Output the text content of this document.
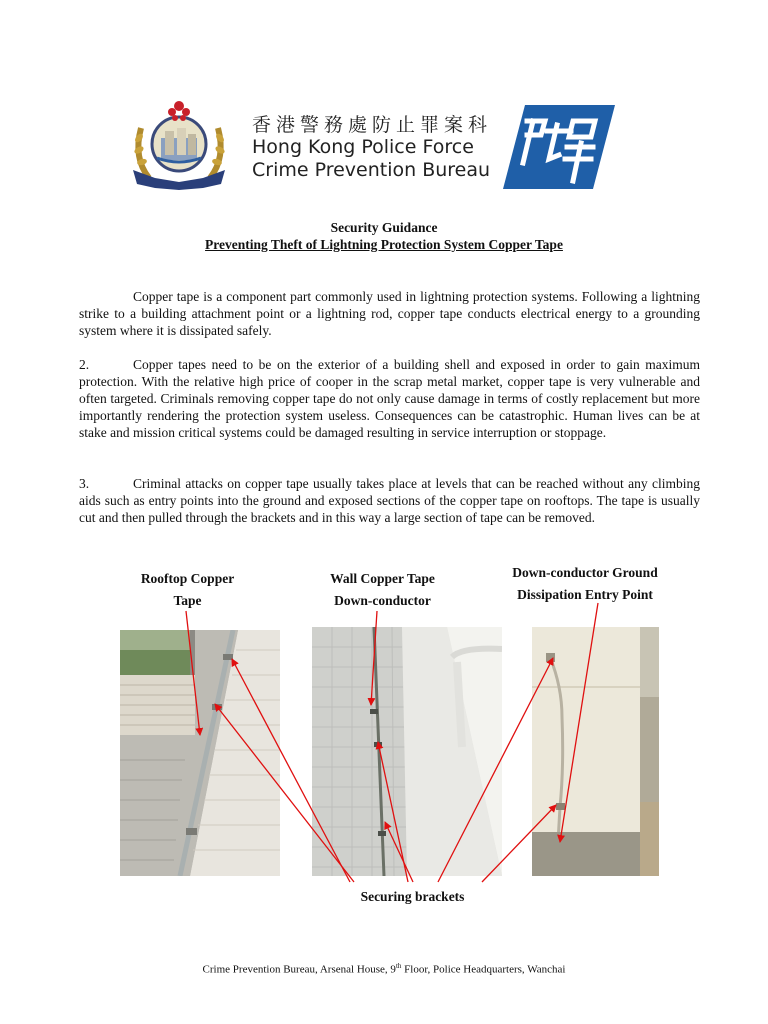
香港警務處防止罪案科
Hong Kong Police Force
Crime Prevention Bureau
Security Guidance
Preventing Theft of Lightning Protection System Copper Tape
Copper tape is a component part commonly used in lightning protection systems. Following a lightning strike to a building attachment point or a lightning rod, copper tape conducts electrical energy to a grounding system where it is dissipated safely.
2.	Copper tapes need to be on the exterior of a building shell and exposed in order to gain maximum protection. With the relative high price of cooper in the scrap metal market, copper tape is very vulnerable and often targeted. Criminals removing copper tape do not only cause damage in terms of costly replacement but more importantly rendering the protection system useless. Consequences can be catastrophic. Human lives can be at stake and mission critical systems could be damaged resulting in service interruption or stoppage.
3.	Criminal attacks on copper tape usually takes place at levels that can be reached without any climbing aids such as entry points into the ground and exposed sections of the copper tape on rooftops. The tape is usually cut and then pulled through the brackets and in this way a large section of tape can be removed.
Rooftop Copper
Tape
Wall Copper Tape
Down-conductor
Down-conductor Ground
Dissipation Entry Point
Securing brackets
Crime Prevention Bureau, Arsenal House, 9th Floor, Police Headquarters, Wanchai
